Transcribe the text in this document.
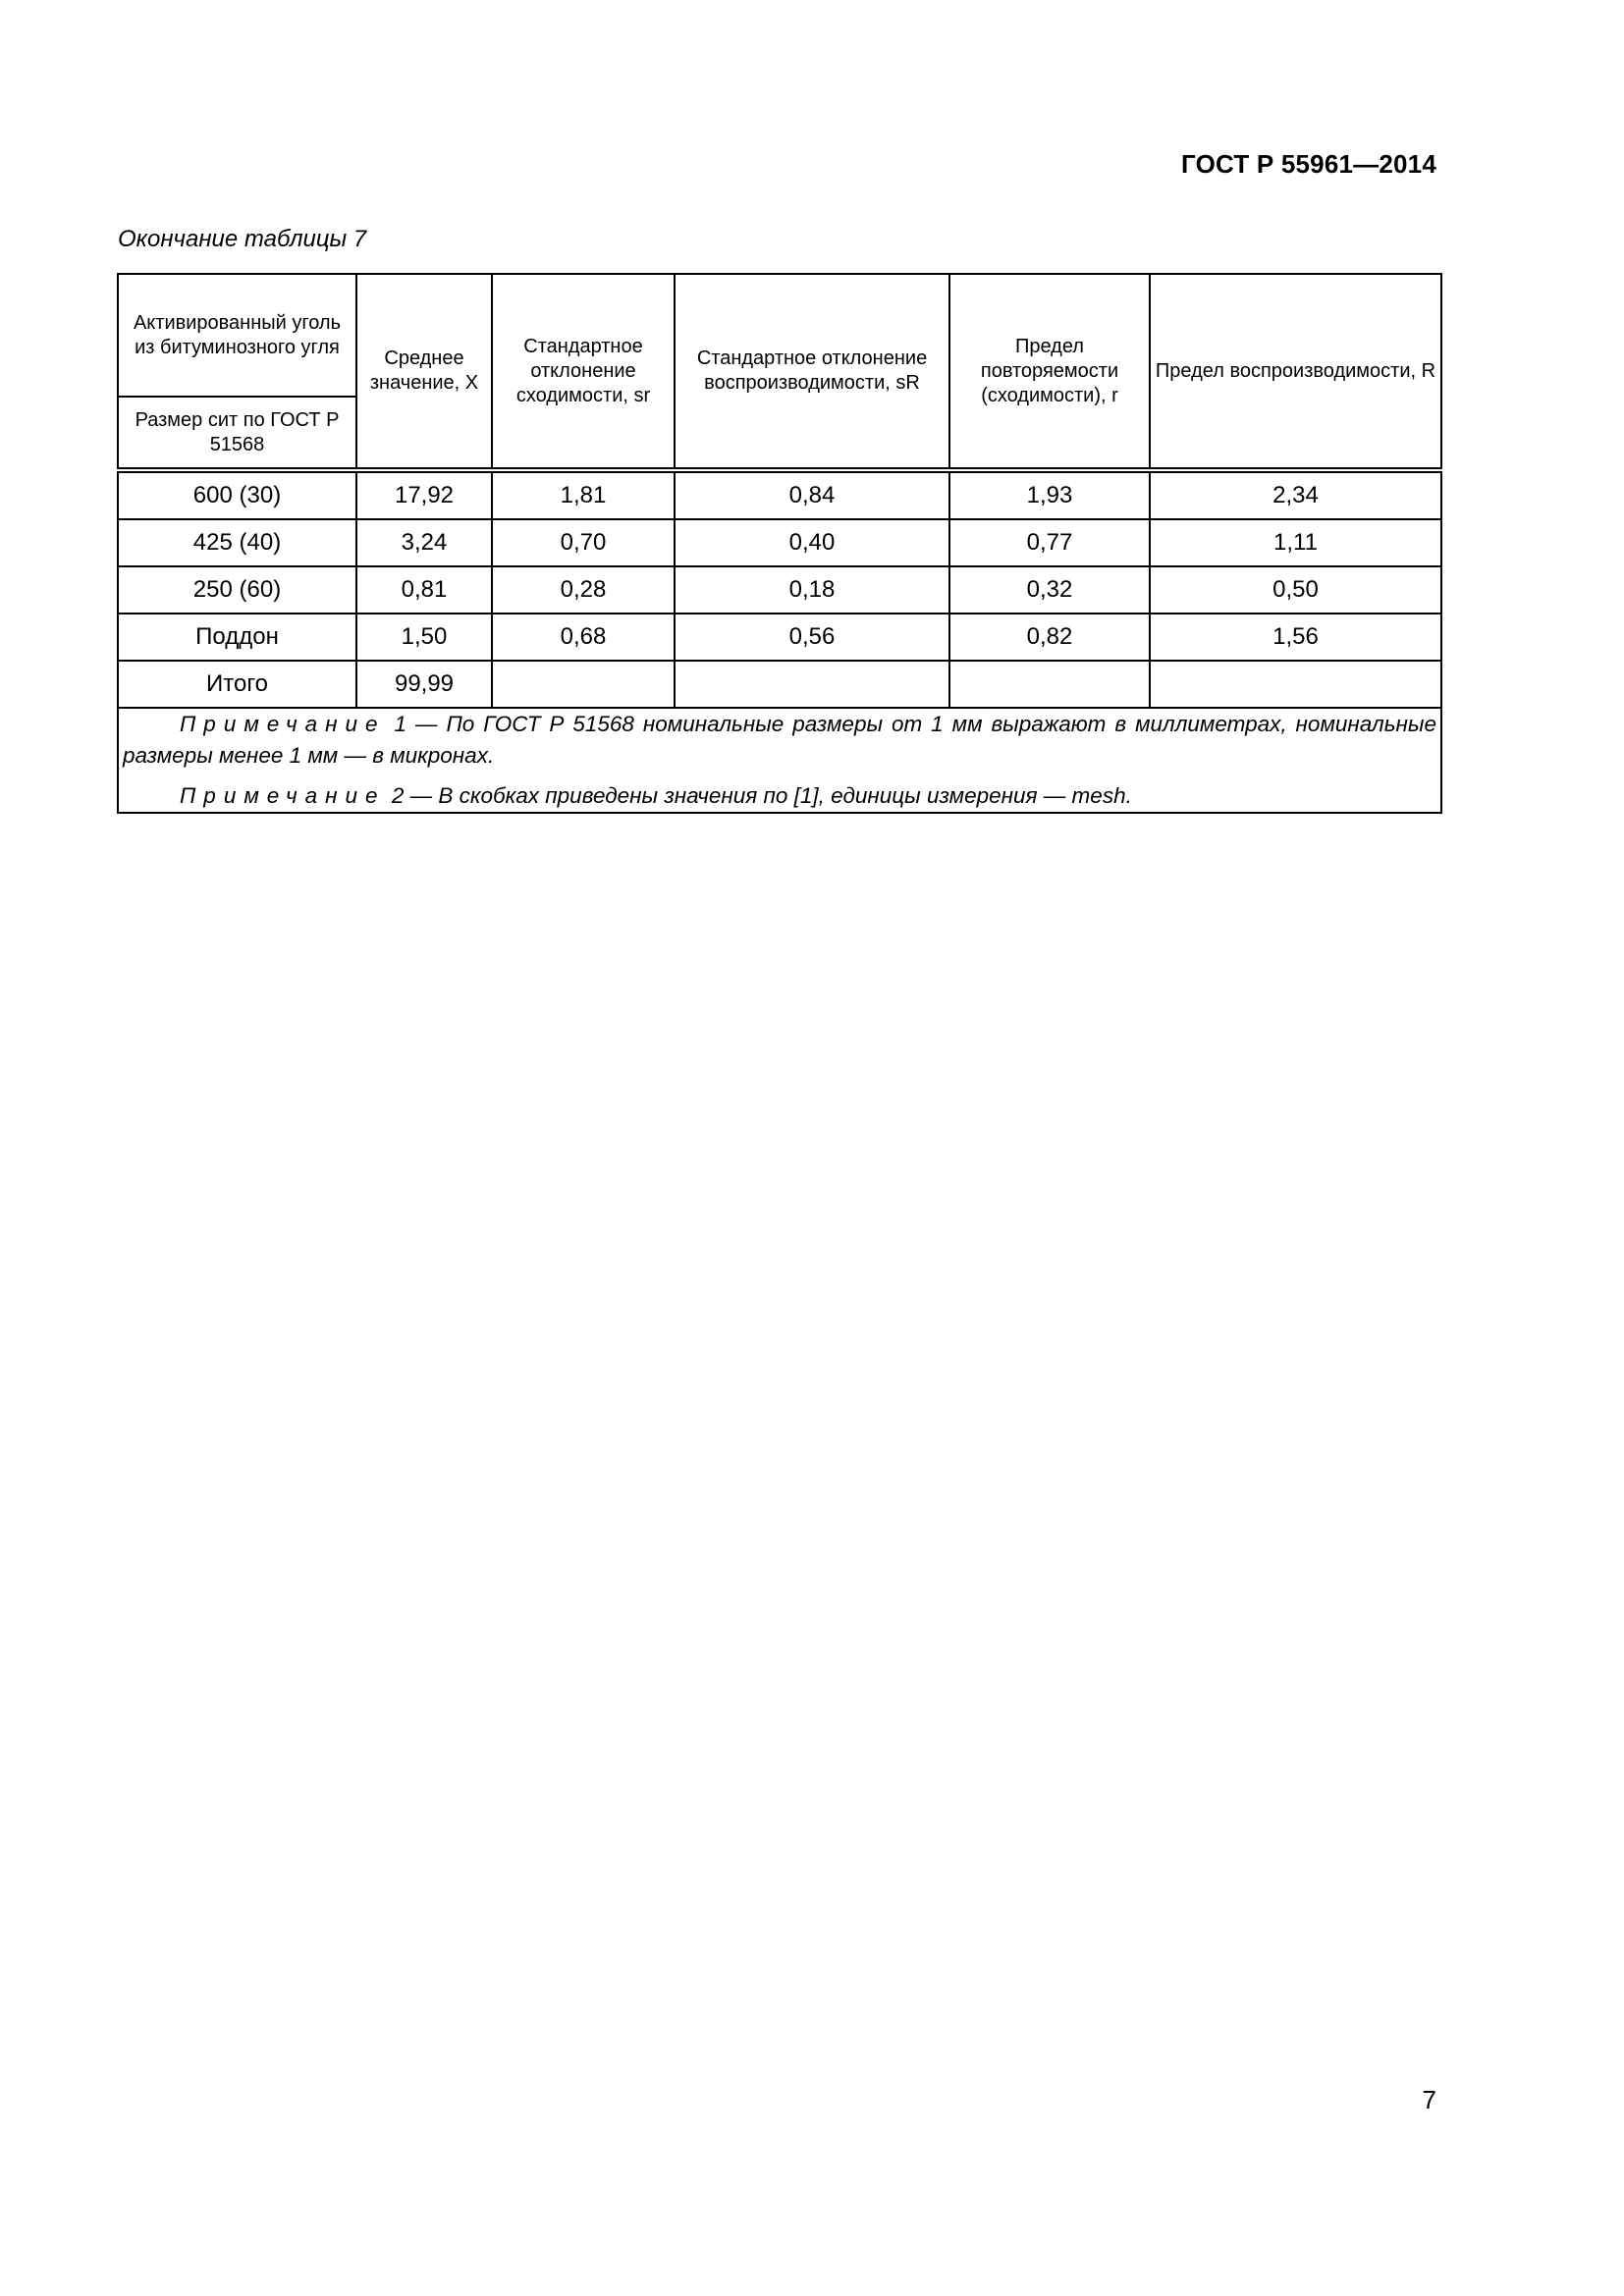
ГОСТ Р 55961—2014
Окончание таблицы 7
Активированный уголь из битуминозного угля	Среднее значение, X	Стандартное отклонение сходимости, sr	Стандартное отклонение воспроизводимости, sR	Предел повторяемости (сходимости), r	Предел воспроизводимости, R
Размер сит по ГОСТ Р 51568					

600 (30)	17,92	1,81	0,84	1,93	2,34
425 (40)	3,24	0,70	0,40	0,77	1,11
250 (60)	0,81	0,28	0,18	0,32	0,50
Поддон	1,50	0,68	0,56	0,82	1,56
Итого	99,99				

Примечание 1 — По ГОСТ Р 51568 номинальные размеры от 1 мм выражают в миллиметрах, номинальные размеры менее 1 мм — в микронах.

Примечание 2 — В скобках приведены значения по [1], единицы измерения — mesh.					

7
